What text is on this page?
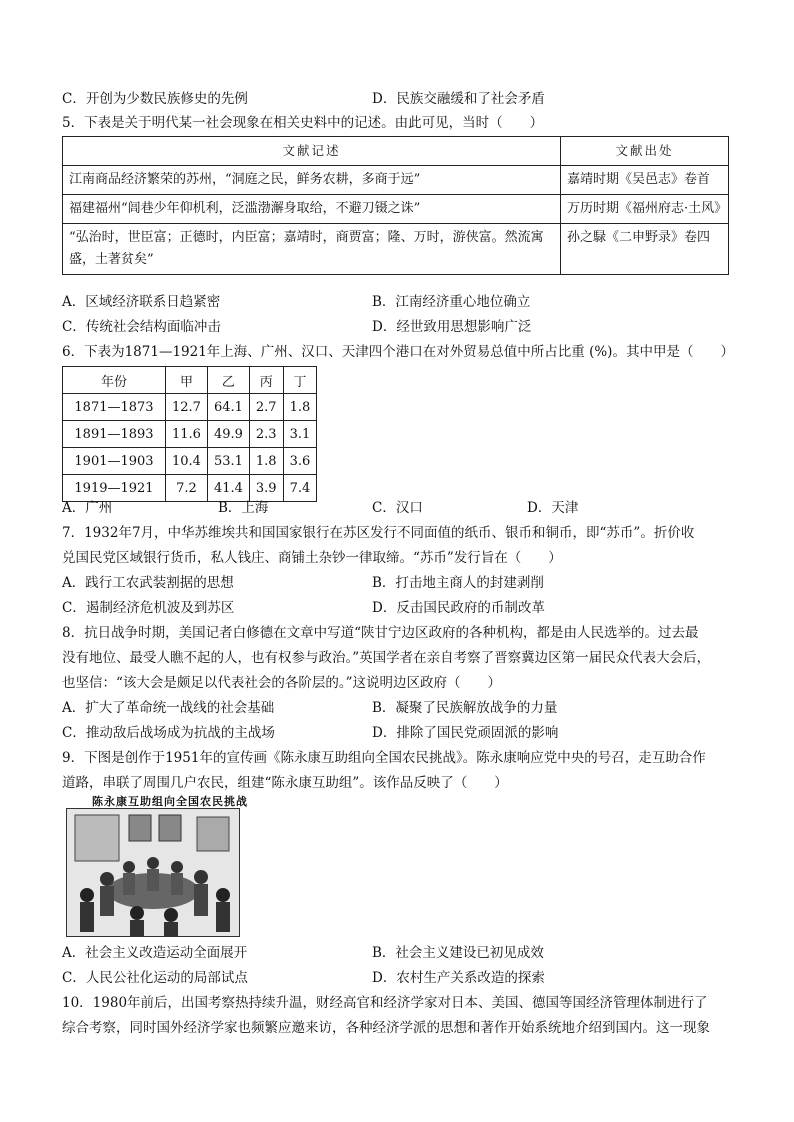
C．开创为少数民族修史的先例	D．民族交融缓和了社会矛盾
5．下表是关于明代某一社会现象在相关史料中的记述。由此可见，当时（　　）
文献记述	文献出处
江南商品经济繁荣的苏州，“洞庭之民，鲜务农耕，多商于远”	嘉靖时期《吴邑志》卷首
福建福州“闾巷少年仰机利，泛滥渤澥身取给，不避刀镊之诛”	万历时期《福州府志·土风》
“弘治时，世臣富；正德时，内臣富；嘉靖时，商贾富；隆、万时，游侠富。然流寓盛，土著贫矣”	孙之騄《二申野录》卷四
A．区域经济联系日趋紧密	B．江南经济重心地位确立
C．传统社会结构面临冲击	D．经世致用思想影响广泛
6．下表为1871—1921年上海、广州、汉口、天津四个港口在对外贸易总值中所占比重 (%)。其中甲是（　　）
年份	甲	乙	丙	丁
1871—1873	12.7	64.1	2.7	1.8
1891—1893	11.6	49.9	2.3	3.1
1901—1903	10.4	53.1	1.8	3.6
1919—1921	7.2	41.4	3.9	7.4
A．广州	B．上海	C．汉口	D．天津
7．1932年7月，中华苏维埃共和国国家银行在苏区发行不同面值的纸币、银币和铜币，即“苏币”。折价收
兑国民党区域银行货币，私人钱庄、商铺土杂钞一律取缔。“苏币”发行旨在（　　）
A．践行工农武装割据的思想	B．打击地主商人的封建剥削
C．遏制经济危机波及到苏区	D．反击国民政府的币制改革
8．抗日战争时期，美国记者白修德在文章中写道“陕甘宁边区政府的各种机构，都是由人民选举的。过去最
没有地位、最受人瞧不起的人，也有权参与政治。”英国学者在亲自考察了晋察冀边区第一届民众代表大会后，
也坚信：“该大会是颇足以代表社会的各阶层的。”这说明边区政府（　　）
A．扩大了革命统一战线的社会基础	B．凝聚了民族解放战争的力量
C．推动敌后战场成为抗战的主战场	D．排除了国民党顽固派的影响
9．下图是创作于1951年的宣传画《陈永康互助组向全国农民挑战》。陈永康响应党中央的号召，走互助合作
道路，串联了周围几户农民，组建“陈永康互助组”。该作品反映了（　　）
陈永康互助组向全国农民挑战
A．社会主义改造运动全面展开	B．社会主义建设已初见成效
C．人民公社化运动的局部试点	D．农村生产关系改造的探索
10．1980年前后，出国考察热持续升温，财经高官和经济学家对日本、美国、德国等国经济管理体制进行了
综合考察，同时国外经济学家也频繁应邀来访，各种经济学派的思想和著作开始系统地介绍到国内。这一现象
